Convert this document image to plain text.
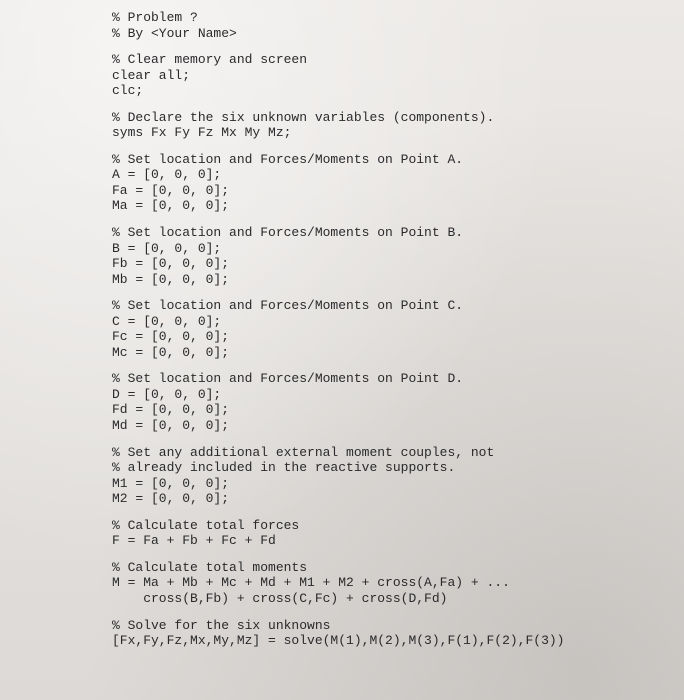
% Problem ?
% By <Your Name>
% Clear memory and screen
clear all;
clc;
% Declare the six unknown variables (components).
syms Fx Fy Fz Mx My Mz;
% Set location and Forces/Moments on Point A.
A = [0, 0, 0];
Fa = [0, 0, 0];
Ma = [0, 0, 0];
% Set location and Forces/Moments on Point B.
B = [0, 0, 0];
Fb = [0, 0, 0];
Mb = [0, 0, 0];
% Set location and Forces/Moments on Point C.
C = [0, 0, 0];
Fc = [0, 0, 0];
Mc = [0, 0, 0];
% Set location and Forces/Moments on Point D.
D = [0, 0, 0];
Fd = [0, 0, 0];
Md = [0, 0, 0];
% Set any additional external moment couples, not
% already included in the reactive supports.
M1 = [0, 0, 0];
M2 = [0, 0, 0];
% Calculate total forces
F = Fa + Fb + Fc + Fd
% Calculate total moments
M = Ma + Mb + Mc + Md + M1 + M2 + cross(A,Fa) + ...
cross(B,Fb) + cross(C,Fc) + cross(D,Fd)
% Solve for the six unknowns
[Fx,Fy,Fz,Mx,My,Mz] = solve(M(1),M(2),M(3),F(1),F(2),F(3))
